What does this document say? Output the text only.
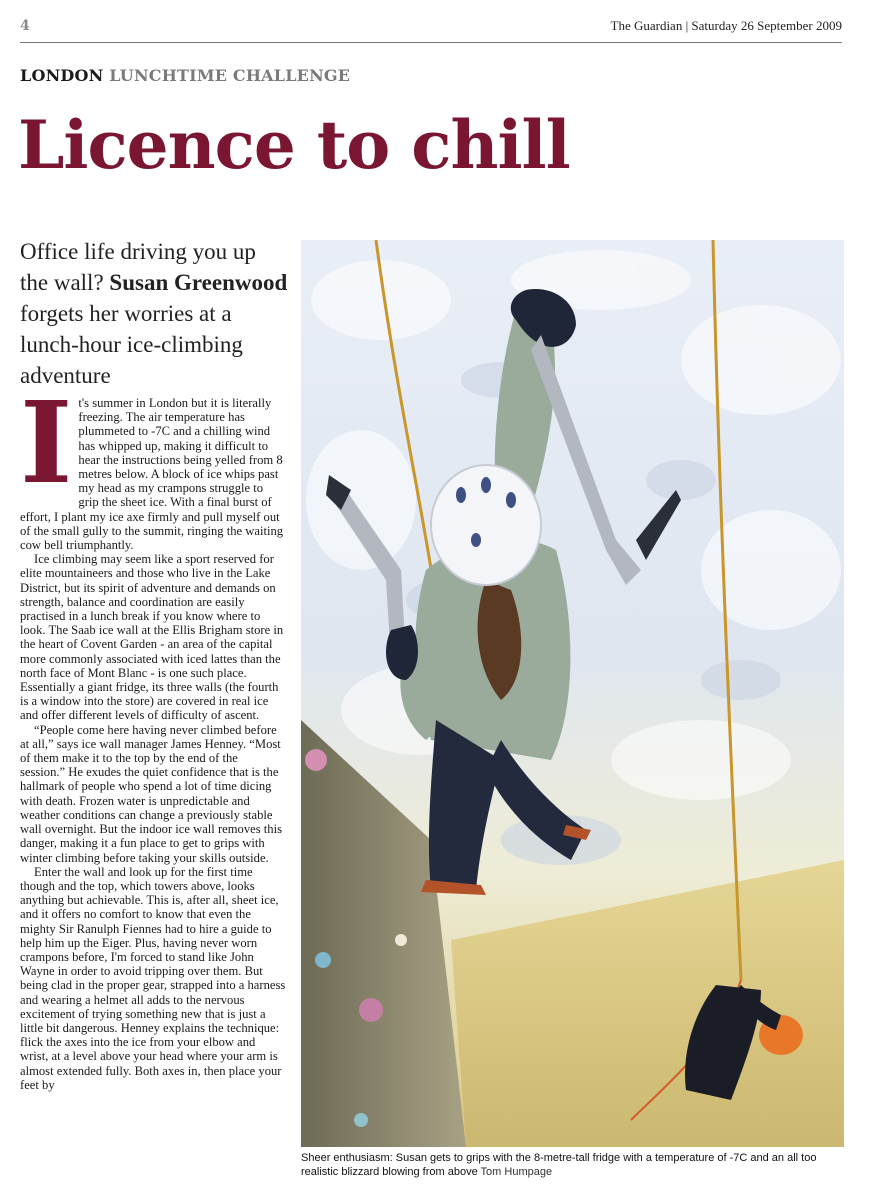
4	The Guardian | Saturday 26 September 2009
LONDON LUNCHTIME CHALLENGE
Licence to chill
Office life driving you up the wall? Susan Greenwood forgets her worries at a lunch-hour ice-climbing adventure

It's summer in London but it is literally freezing. The air temperature has plummeted to -7C and a chilling wind has whipped up, making it difficult to hear the instructions being yelled from 8 metres below. A block of ice whips past my head as my crampons struggle to grip the sheet ice. With a final burst of effort, I plant my ice axe firmly and pull myself out of the small gully to the summit, ringing the waiting cow bell triumphantly.

Ice climbing may seem like a sport reserved for elite mountaineers and those who live in the Lake District, but its spirit of adventure and demands on strength, balance and coordination are easily practised in a lunch break if you know where to look. The Saab ice wall at the Ellis Brigham store in the heart of Covent Garden - an area of the capital more commonly associated with iced lattes than the north face of Mont Blanc - is one such place. Essentially a giant fridge, its three walls (the fourth is a window into the store) are covered in real ice and offer different levels of difficulty of ascent.

“People come here having never climbed before at all,” says ice wall manager James Henney. “Most of them make it to the top by the end of the session.” He exudes the quiet confidence that is the hallmark of people who spend a lot of time dicing with death. Frozen water is unpredictable and weather conditions can change a previously stable wall overnight. But the indoor ice wall removes this danger, making it a fun place to get to grips with winter climbing before taking your skills outside.

Enter the wall and look up for the first time though and the top, which towers above, looks anything but achievable. This is, after all, sheet ice, and it offers no comfort to know that even the mighty Sir Ranulph Fiennes had to hire a guide to help him up the Eiger. Plus, having never worn crampons before, I'm forced to stand like John Wayne in order to avoid tripping over them. But being clad in the proper gear, strapped into a harness and wearing a helmet all adds to the nervous excitement of trying something new that is just a little bit dangerous. Henney explains the technique: flick the axes into the ice from your elbow and wrist, at a level above your head where your arm is almost extended fully. Both axes in, then place your feet by

Sheer enthusiasm: Susan gets to grips with the 8-metre-tall fridge with a temperature of -7C and an all too realistic blizzard blowing from above Tom Humpage
